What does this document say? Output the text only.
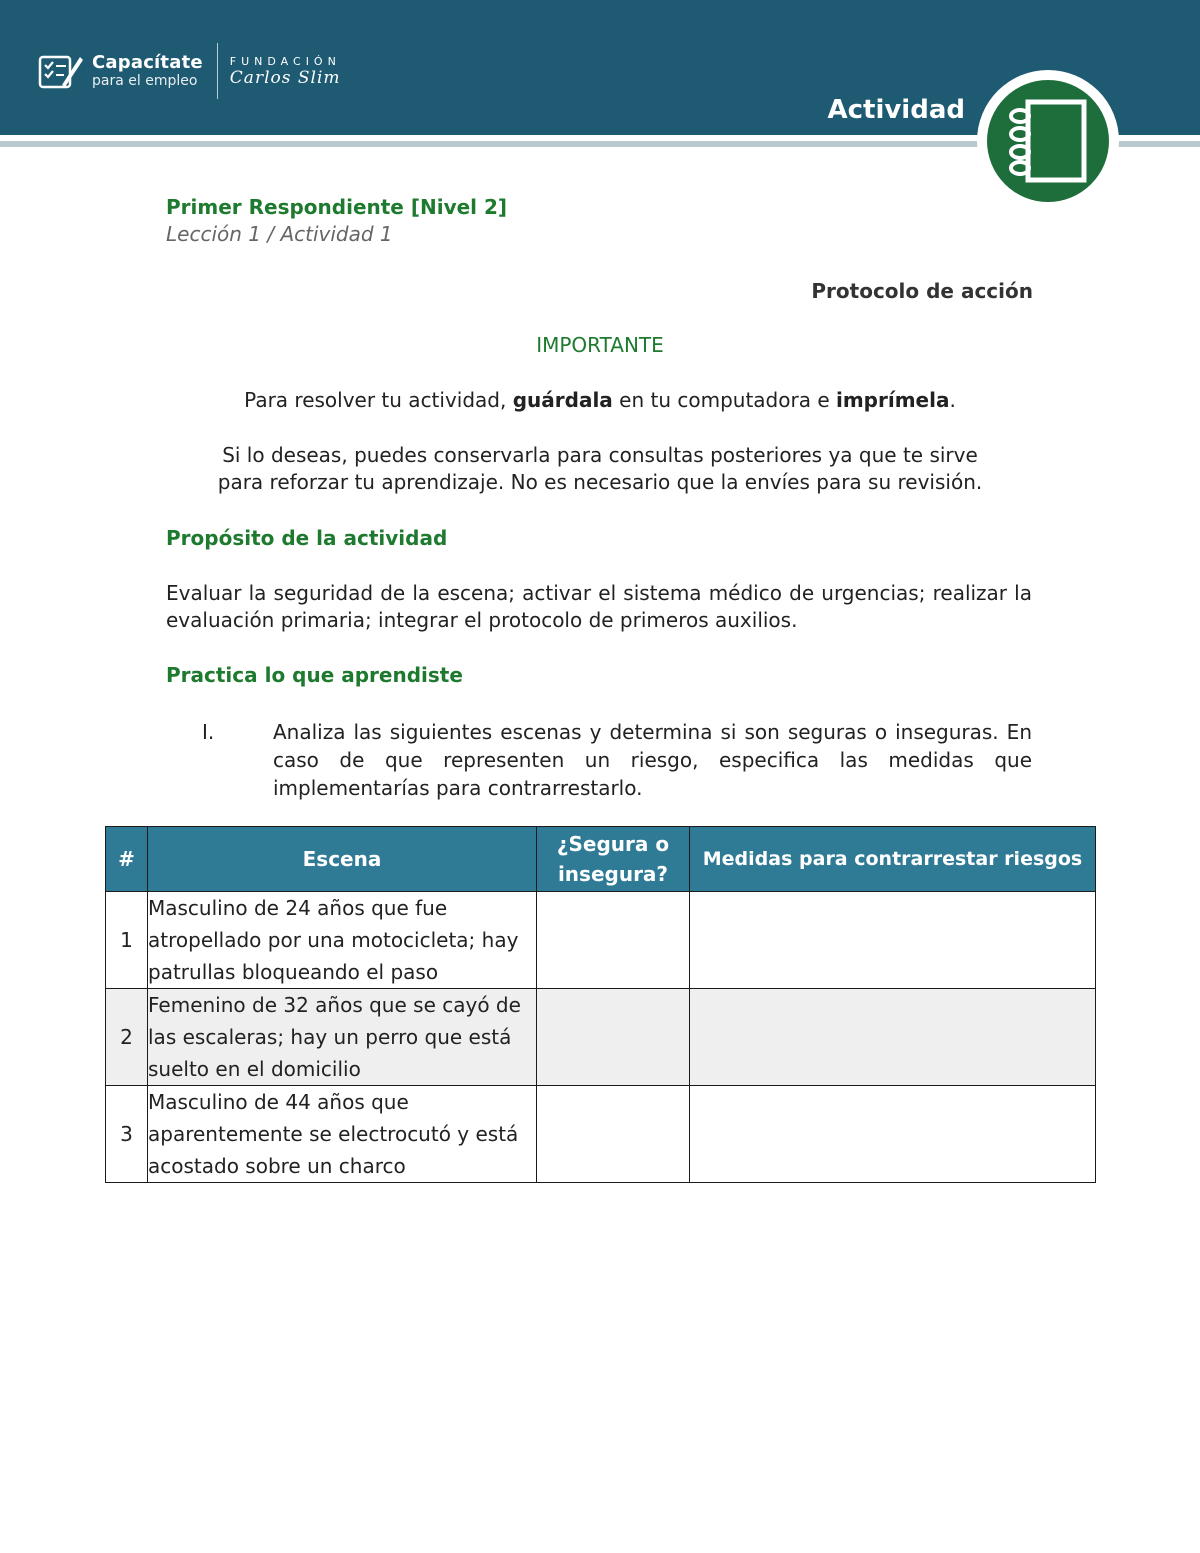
Capacítate
para el empleo
FUNDACIÓN
Carlos Slim
Actividad
Primer Respondiente [Nivel 2]
Lección 1 / Actividad 1
Protocolo de acción
IMPORTANTE
Para resolver tu actividad, guárdala en tu computadora e imprímela.
Si lo deseas, puedes conservarla para consultas posteriores ya que te sirve
para reforzar tu aprendizaje. No es necesario que la envíes para su revisión.
Propósito de la actividad
Evaluar la seguridad de la escena; activar el sistema médico de urgencias; realizar la evaluación primaria; integrar el protocolo de primeros auxilios.
Practica lo que aprendiste
I.	Analiza las siguientes escenas y determina si son seguras o inseguras. En caso de que representen un riesgo, especifica las medidas que implementarías para contrarrestarlo.
#	Escena	¿Segura o insegura?	Medidas para contrarrestar riesgos
1	Masculino de 24 años que fue atropellado por una motocicleta; hay patrullas bloqueando el paso		
2	Femenino de 32 años que se cayó de las escaleras; hay un perro que está suelto en el domicilio		
3	Masculino de 44 años que aparentemente se electrocutó y está acostado sobre un charco		
